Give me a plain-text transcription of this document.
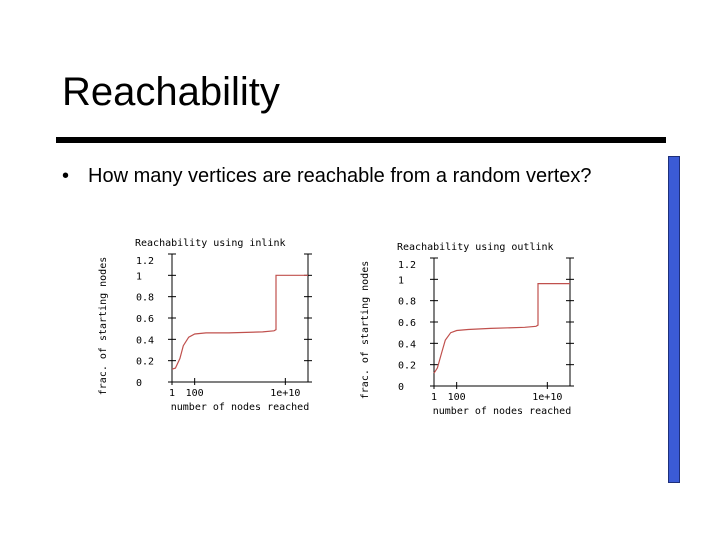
Reachability
• How many vertices are reachable from a random vertex?
Reachability using inlink
frac. of starting nodes
number of nodes reached
0
0.2
0.4
0.6
0.8
1
1.2
1 100	1e+10
Reachability using outlink
frac. of starting nodes
number of nodes reached
0
0.2
0.4
0.6
0.8
1
1.2
1 100	1e+10
